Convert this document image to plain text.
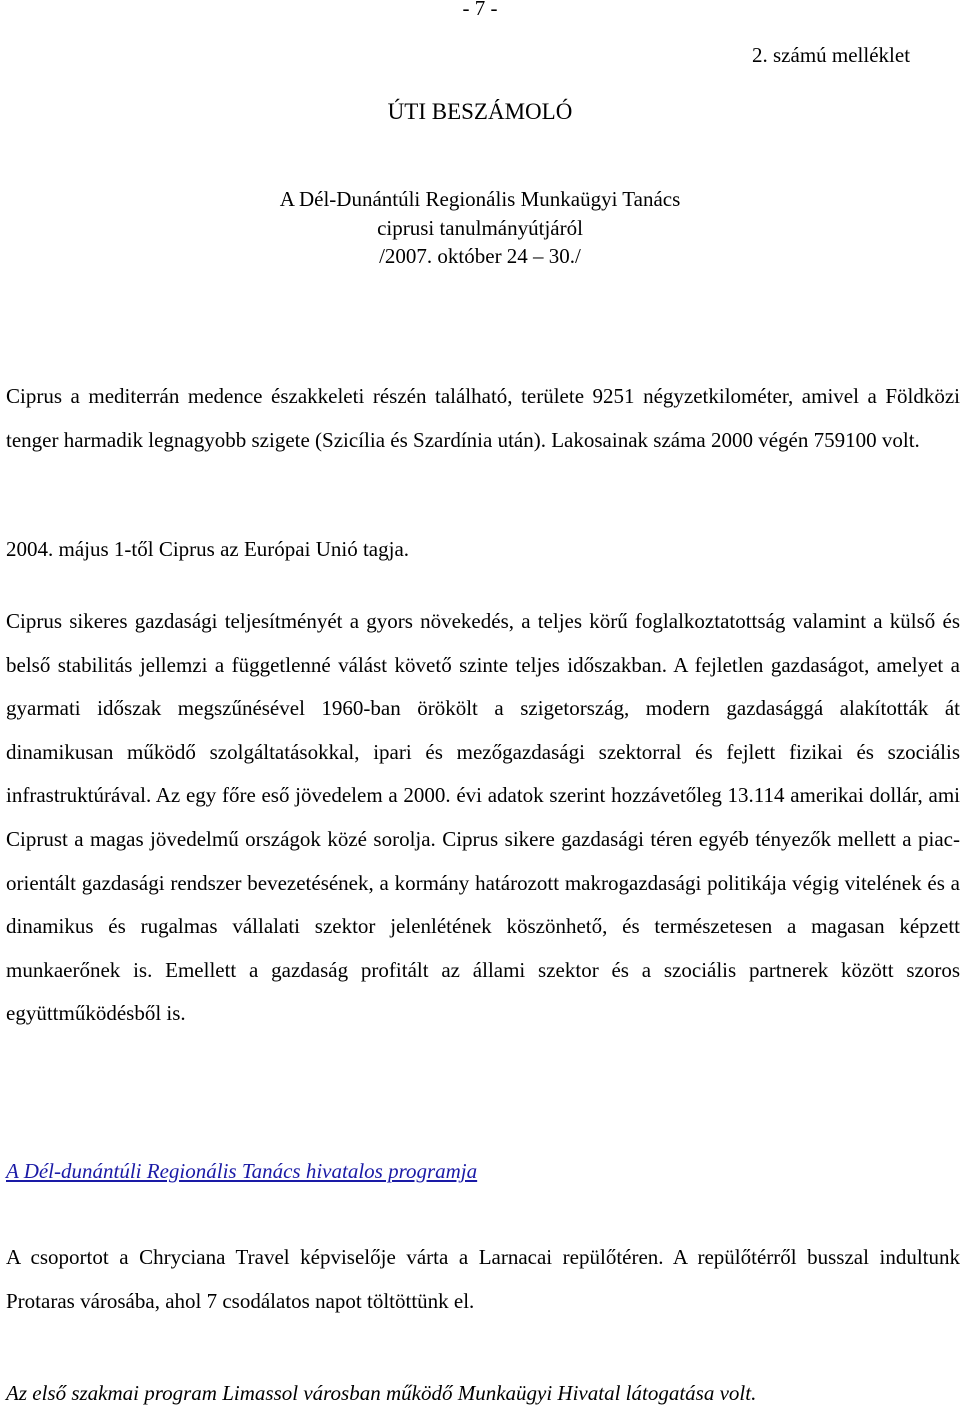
- 7 -
2. számú melléklet
ÚTI BESZÁMOLÓ
A Dél-Dunántúli Regionális Munkaügyi Tanács
ciprusi tanulmányútjáról
/2007. október 24 – 30./
Ciprus a mediterrán medence északkeleti részén található, területe 9251 négyzetkilométer, amivel a Földközi tenger harmadik legnagyobb szigete (Szicília és Szardínia után). Lakosainak száma 2000 végén 759100 volt.
2004. május 1-től Ciprus az Európai Unió tagja.
Ciprus sikeres gazdasági teljesítményét a gyors növekedés, a teljes körű foglalkoztatottság valamint a külső és belső stabilitás jellemzi a függetlenné válást követő szinte teljes időszakban. A fejletlen gazdaságot, amelyet a gyarmati időszak megszűnésével 1960-ban örökölt a szigetország, modern gazdasággá alakították át dinamikusan működő szolgáltatásokkal, ipari és mezőgazdasági szektorral és fejlett fizikai és szociális infrastruktúrával. Az egy főre eső jövedelem a 2000. évi adatok szerint hozzávetőleg 13.114 amerikai dollár, ami Ciprust a magas jövedelmű országok közé sorolja. Ciprus sikere gazdasági téren egyéb tényezők mellett a piac-orientált gazdasági rendszer bevezetésének, a kormány határozott makrogazdasági politikája végig vitelének és a dinamikus és rugalmas vállalati szektor jelenlétének köszönhető, és természetesen a magasan képzett munkaerőnek is. Emellett a gazdaság profitált az állami szektor és a szociális partnerek között szoros együttműködésből is.
A Dél-dunántúli Regionális Tanács hivatalos programja
A csoportot a Chryciana Travel képviselője várta a Larnacai repülőtéren. A repülőtérről busszal indultunk Protaras városába, ahol 7 csodálatos napot töltöttünk el.
Az első szakmai program Limassol városban működő Munkaügyi Hivatal látogatása volt.
